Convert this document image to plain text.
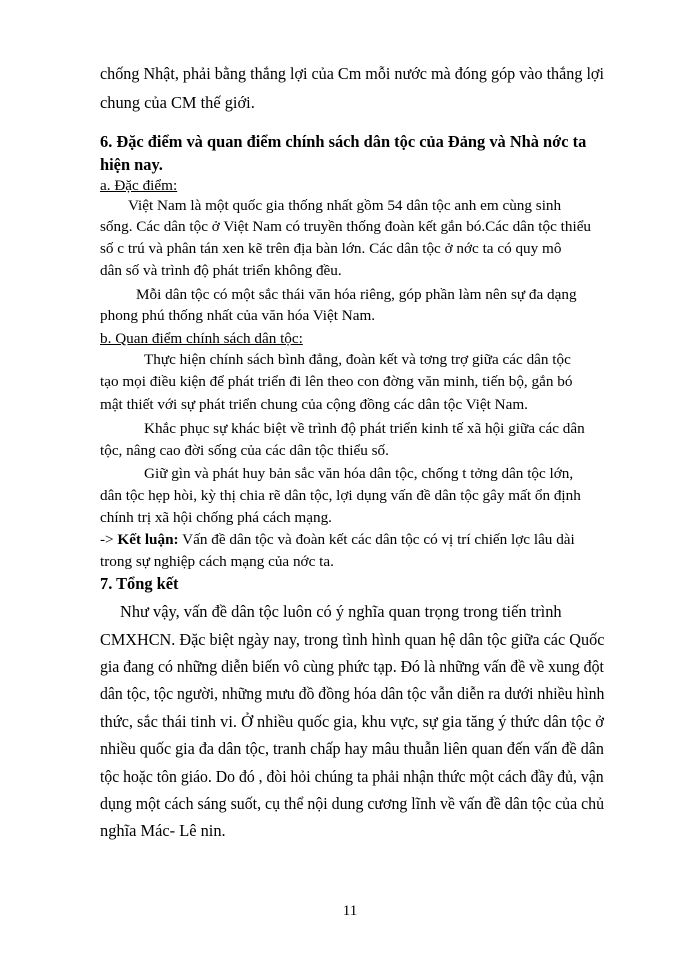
chống Nhật, phải bằng thắng lợi của Cm mỗi nước mà đóng góp vào thắng lợi
chung của CM thế giới.
6. Đặc điểm và quan điểm chính sách dân tộc của Đảng và Nhà nớc ta
hiện nay.
a. Đặc điểm:
Việt Nam là một quốc gia thống nhất gồm 54 dân tộc anh em cùng sinh
sống. Các dân tộc ở Việt Nam có truyền thống đoàn kết gắn bó.Các dân tộc thiểu
số c trú và phân tán xen kẽ trên địa bàn lớn. Các dân tộc ở nớc ta có quy mô
dân số và trình độ phát triển không đều.
Mỗi dân tộc có một sắc thái văn hóa riêng, góp phần làm nên sự đa dạng
phong phú thống nhất của văn hóa Việt Nam.
b. Quan điểm chính sách dân tộc:
Thực hiện chính sách bình đẳng, đoàn kết và tơng trợ giữa các dân tộc
tạo mọi điều kiện để phát triển đi lên theo con đờng văn minh, tiến bộ, gắn bó
mật thiết với sự phát triển chung của cộng đồng các dân tộc Việt Nam.
Khắc phục sự khác biệt về trình độ phát triển kinh tế xã hội giữa các dân
tộc, nâng cao đời sống của các dân tộc thiểu số.
Giữ gìn và phát huy bản sắc văn hóa dân tộc, chống t tởng dân tộc lớn,
dân tộc hẹp hòi, kỳ thị chia rẽ dân tộc, lợi dụng vấn đề dân tộc gây mất ổn định
chính trị xã hội chống phá cách mạng.
-> Kết luận: Vấn đề dân tộc và đoàn kết các dân tộc có vị trí chiến lợc lâu dài
trong sự nghiệp cách mạng của nớc ta.
7. Tổng kết
Như vậy, vấn đề dân tộc luôn có ý nghĩa quan trọng trong tiến trình
CMXHCN. Đặc biệt ngày nay, trong tình hình quan hệ dân tộc giữa các Quốc
gia đang có những diễn biến vô cùng phức tạp. Đó là những vấn đề về xung đột
dân tộc, tộc người, những mưu đồ đồng hóa dân tộc vẫn diễn ra dưới nhiều hình
thức, sắc thái tinh vi. Ở nhiều quốc gia, khu vực, sự gia tăng ý thức dân tộc ở
nhiều quốc gia đa dân tộc, tranh chấp hay mâu thuẫn liên quan đến vấn đề dân
tộc hoặc tôn giáo. Do đó , đòi hỏi chúng ta phải nhận thức một cách đầy đủ, vận
dụng một cách sáng suốt, cụ thể nội dung cương lĩnh về vấn đề dân tộc của chủ
nghĩa Mác- Lê nin.
11
